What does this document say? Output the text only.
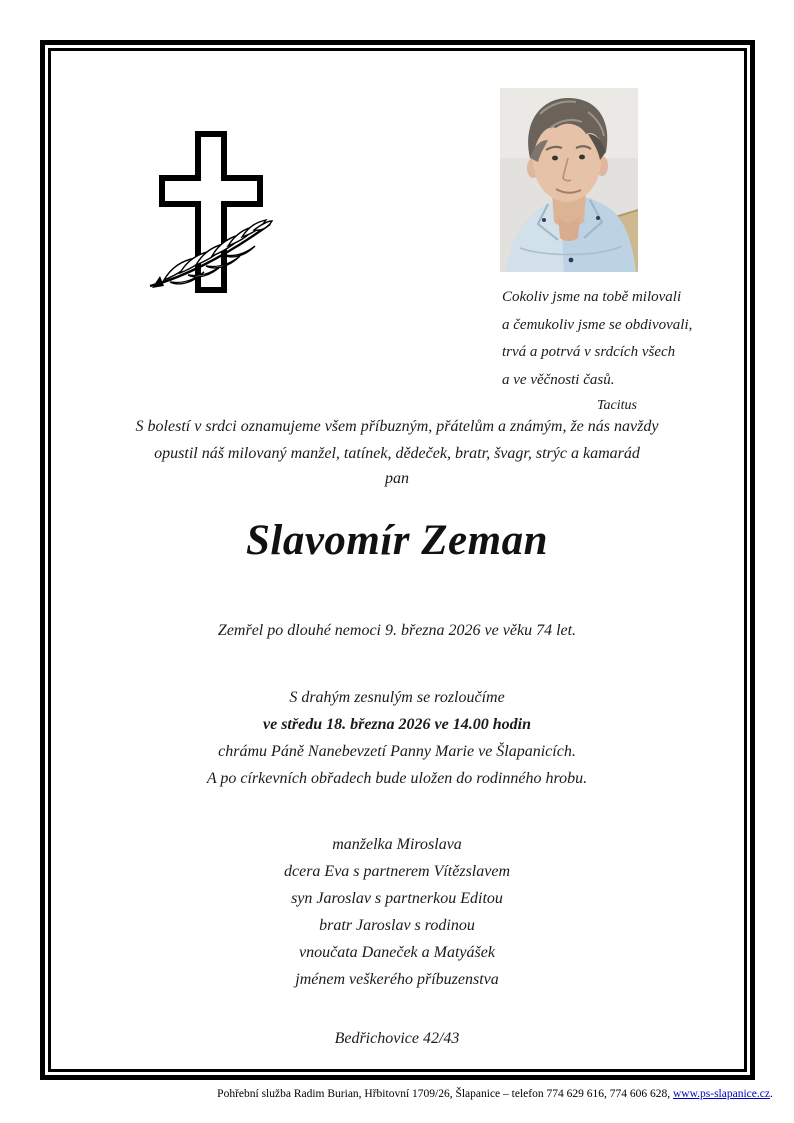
Cokoliv jsme na tobě milovali
a čemukoliv jsme se obdivovali,
trvá a potrvá v srdcích všech
a ve věčnosti časů.
Tacitus
S bolestí v srdci oznamujeme všem příbuzným, přátelům a známým, že nás navždy
opustil náš milovaný manžel, tatínek, dědeček, bratr, švagr, strýc a kamarád
pan
Slavomír Zeman
Zemřel po dlouhé nemoci 9. března 2026 ve věku 74 let.
S drahým zesnulým se rozloučíme
ve středu 18. března 2026 ve 14.00 hodin
chrámu Páně Nanebevzetí Panny Marie ve Šlapanicích.
A po církevních obřadech bude uložen do rodinného hrobu.
manželka Miroslava
dcera Eva s partnerem Vítězslavem
syn Jaroslav s partnerkou Editou
bratr Jaroslav s rodinou
vnoučata Daneček a Matyášek
jménem veškerého příbuzenstva
Bedřichovice 42/43
Pohřební služba Radim Burian, Hřbitovní 1709/26, Šlapanice – telefon 774 629 616, 774 606 628, www.ps-slapanice.cz.
